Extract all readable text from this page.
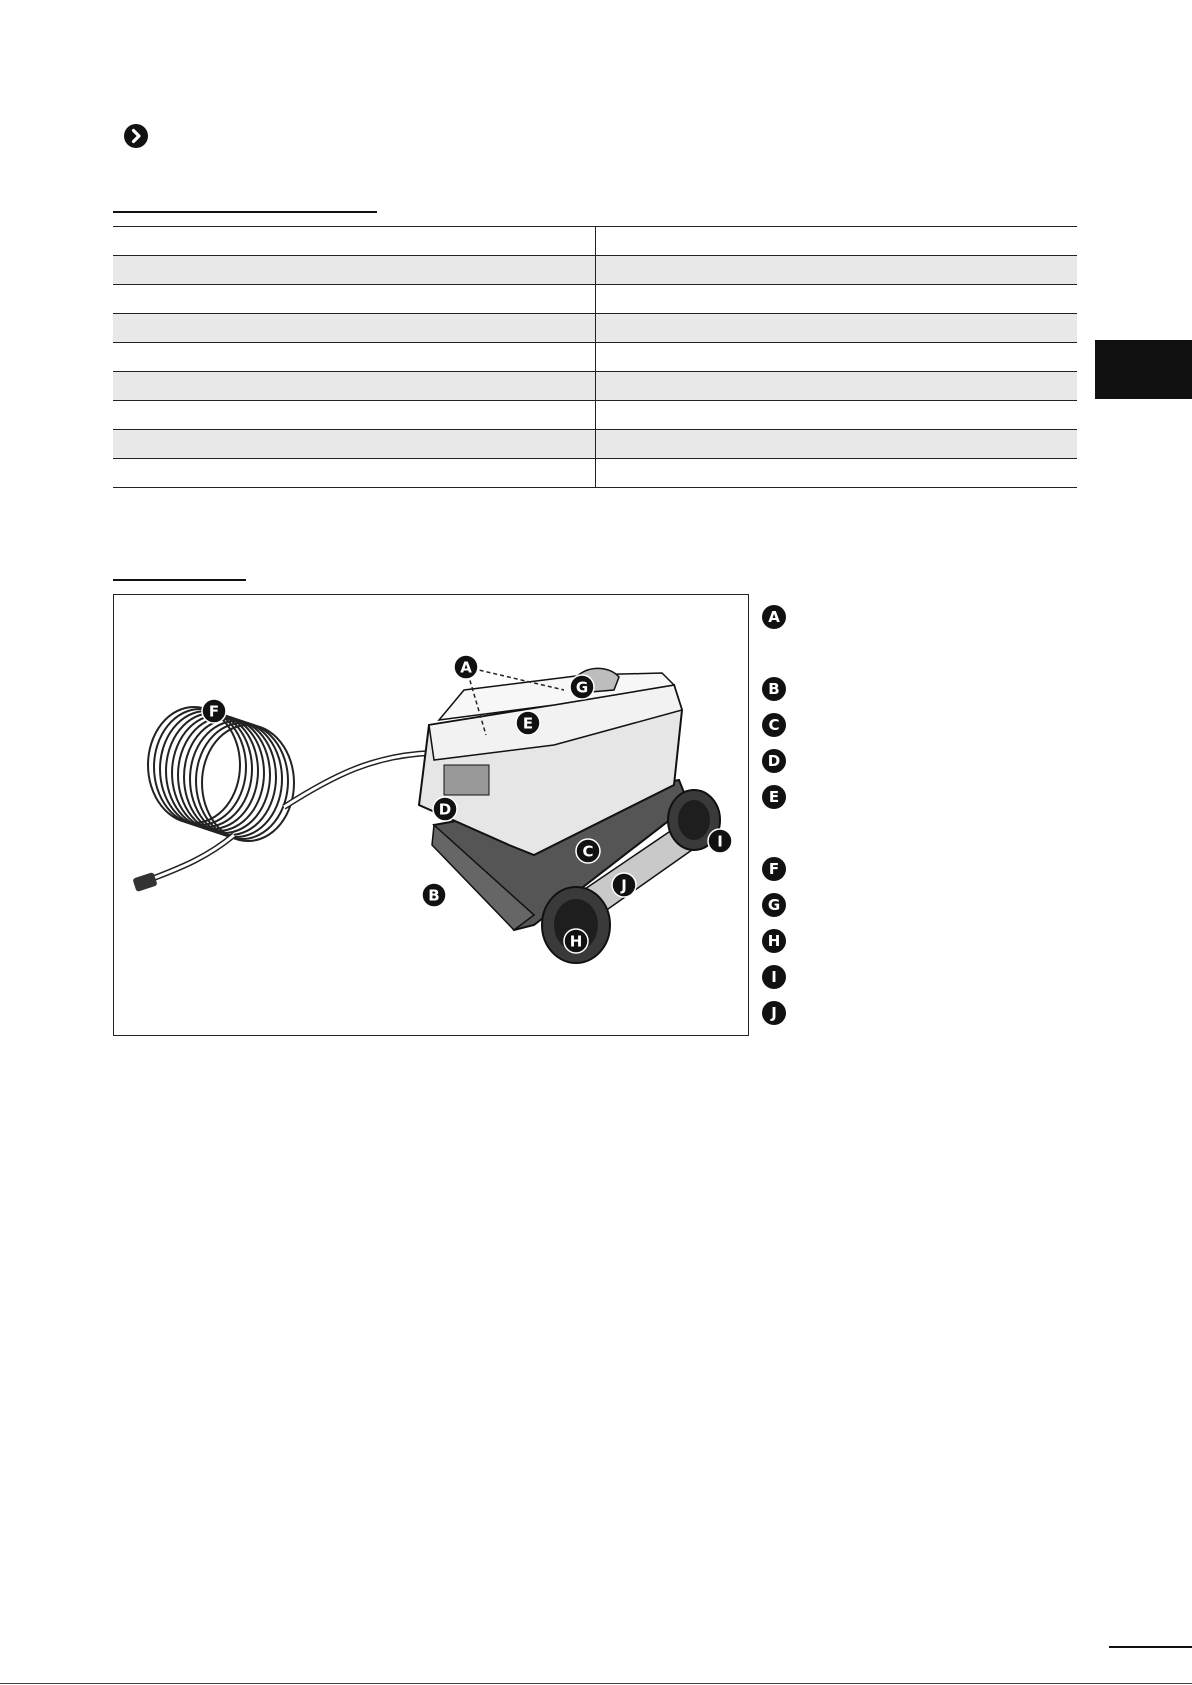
A
B
C
D
E
F
G
H
I
J
A
B
C
D
E
F
G
H
I
J
